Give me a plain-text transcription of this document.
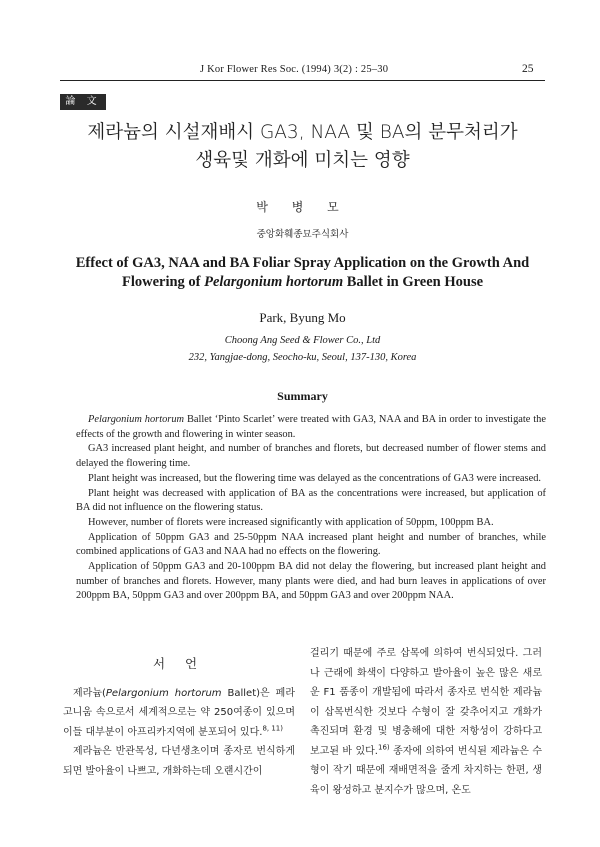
J Kor Flower Res Soc. (1994) 3(2) : 25–30	25
論 文
제라늄의 시설재배시 GA3, NAA 및 BA의 분무처리가
생육및 개화에 미치는 영향
박 병 모
중앙화훼종묘주식회사
Effect of GA3, NAA and BA Foliar Spray Application on the Growth And
Flowering of Pelargonium hortorum Ballet in Green House
Park, Byung Mo
Choong Ang Seed & Flower Co., Ltd
232, Yangjae-dong, Seocho-ku, Seoul, 137-130, Korea
Summary

Pelargonium hortorum Ballet ‘Pinto Scarlet’ were treated with GA3, NAA and BA in order to investigate the effects of the growth and flowering in winter season.

GA3 increased plant height, and number of branches and florets, but decreased number of flower stems and delayed the flowering time.

Plant height was increased, but the flowering time was delayed as the concentrations of GA3 were increased.

Plant height was decreased with application of BA as the concentrations were increased, but application of BA did not influence on the flowering status.

However, number of florets were increased significantly with application of 50ppm, 100ppm BA.

Application of 50ppm GA3 and 25-50ppm NAA increased plant height and number of branches, while combined applications of GA3 and NAA had no effects on the flowering.

Application of 50ppm GA3 and 20-100ppm BA did not delay the flowering, but increased plant height and number of branches and florets. However, many plants were died, and had burn leaves in applications of over 200ppm BA, 50ppm GA3 and over 200ppm BA, and 50ppm GA3 and over 200ppm NAA.

서 언

제라늄(Pelargonium hortorum Ballet)은 페라고니움 속으로서 세계적으로는 약 250여종이 있으며 이들 대부분이 아프리카지역에 분포되어 있다.$^{8, 11)}$

제라늄은 반관목성, 다년생초이며 종자로 번식하게 되면 발아율이 나쁘고, 개화하는데 오랜시간이

걸리기 때문에 주로 삽목에 의하여 번식되었다. 그러나 근래에 화색이 다양하고 발아율이 높은 많은 새로운 F1 품종이 개발됨에 따라서 종자로 번식한 제라늄이 삽목번식한 것보다 수형이 잘 갖추어지고 개화가 촉진되며 환경 및 병충해에 대한 저항성이 강하다고 보고된 바 있다.$^{16)}$ 종자에 의하여 번식된 제라늄은 수형이 작기 때문에 재배면적을 줄게 차지하는 한편, 생육이 왕성하고 분지수가 많으며, 온도
